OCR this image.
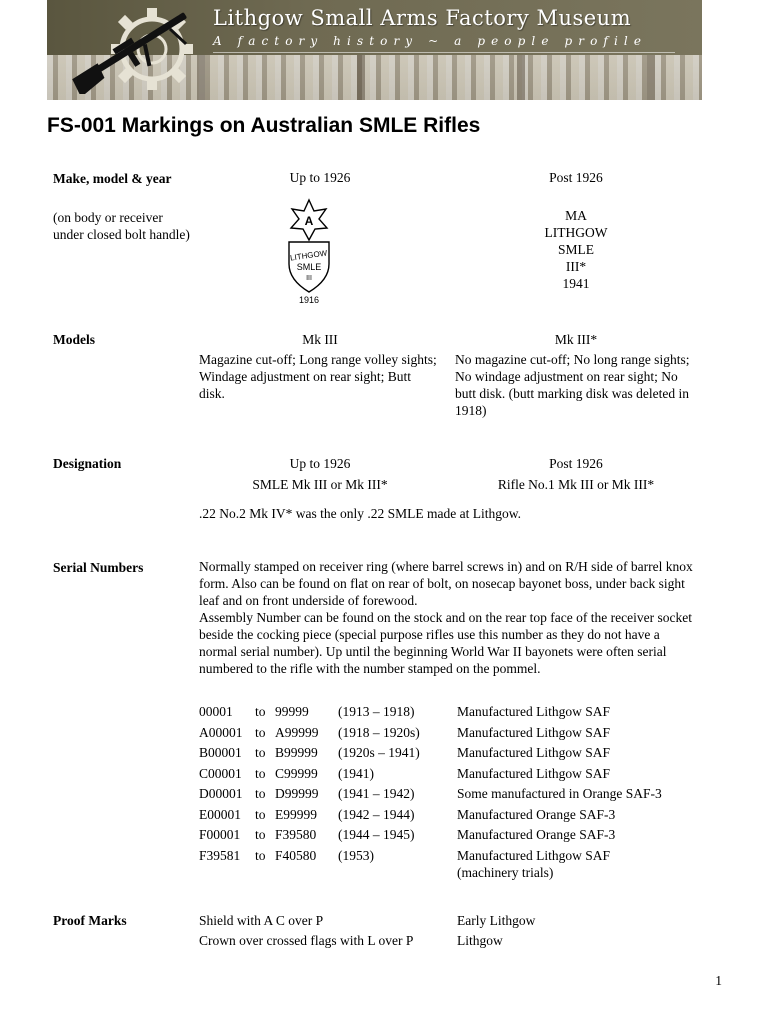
Lithgow Small Arms Factory Museum
A factory history ~ a people profile
FS-001 Markings on Australian SMLE Rifles
Make, model & year
(on body or receiver under closed bolt handle)
Up to 1926	Post 1926
A
LITHGOW
SMLE
III
1916
MA
LITHGOW
SMLE
III*
1941
Models	Mk III	Mk III*
Magazine cut-off; Long range volley sights; Windage adjustment on rear sight; Butt disk.
No magazine cut-off; No long range sights; No windage adjustment on rear sight; No butt disk. (butt marking disk was deleted in 1918)
Designation	Up to 1926	Post 1926
SMLE Mk III or Mk III*	Rifle No.1 Mk III or Mk III*
.22 No.2 Mk IV* was the only .22 SMLE made at Lithgow.
Serial Numbers	Normally stamped on receiver ring (where barrel screws in) and on R/H side of barrel knox form. Also can be found on flat on rear of bolt, on nosecap bayonet boss, under back sight leaf and on front underside of forewood.
Assembly Number can be found on the stock and on the rear top face of the receiver socket beside the cocking piece (special purpose rifles use this number as they do not have a normal serial number). Up until the beginning World War II bayonets were often serial numbered to the rifle with the number stamped on the pommel.
00001	to	99999	(1913 – 1918)	Manufactured Lithgow SAF
A00001	to	A99999	(1918 – 1920s)	Manufactured Lithgow SAF
B00001	to	B99999	(1920s – 1941)	Manufactured Lithgow SAF
C00001	to	C99999	(1941)	Manufactured Lithgow SAF
D00001	to	D99999	(1941 – 1942)	Some manufactured in Orange SAF-3
E00001	to	E99999	(1942 – 1944)	Manufactured Orange SAF-3
F00001	to	F39580	(1944 – 1945)	Manufactured Orange SAF-3
F39581	to	F40580	(1953)	Manufactured Lithgow SAF
(machinery trials)
Proof Marks	Shield with A C over P	Early Lithgow
Crown over crossed flags with L over P	Lithgow
1
